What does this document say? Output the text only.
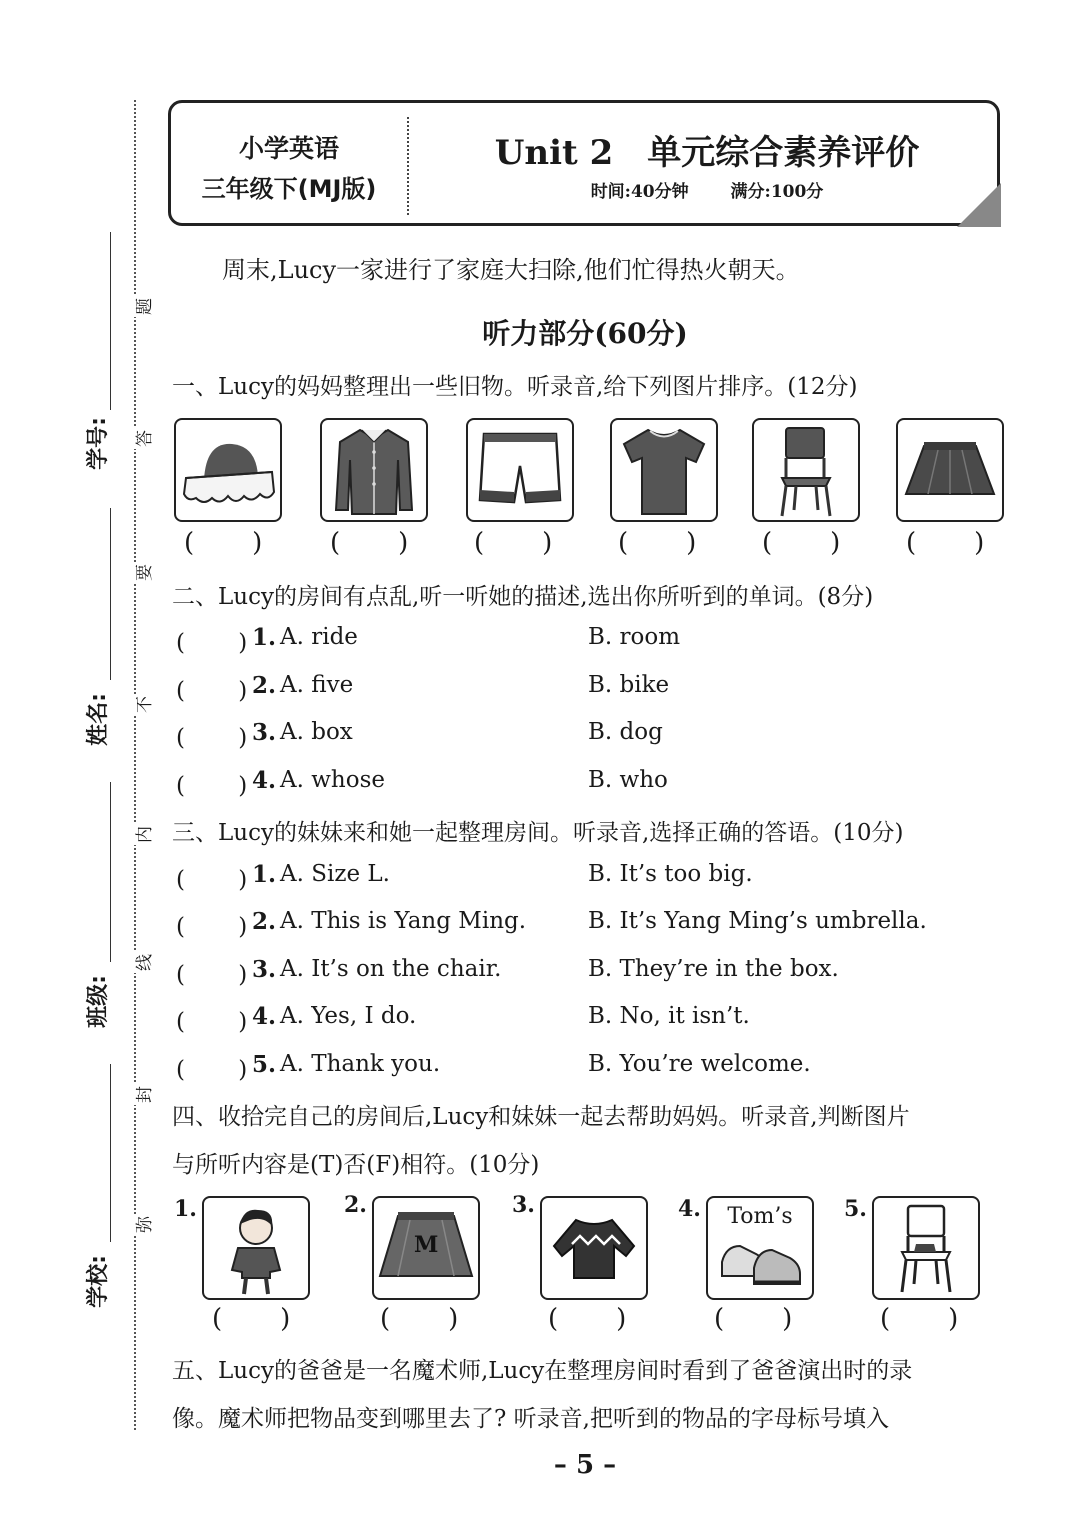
学号:
姓名:
班级:
学校:
题
答
要
不
内
线
封
弥
小学英语
三年级下(MJ版)
Unit 2　单元综合素养评价
时间:40分钟 满分:100分
周末,Lucy一家进行了家庭大扫除,他们忙得热火朝天。
听力部分(60分)
一、Lucy的妈妈整理出一些旧物。听录音,给下列图片排序。(12分)
(　　)	(　　) (　　) (　　) (　　) (　　)
二、Lucy的房间有点乱,听一听她的描述,选出你所听到的单词。(8分)
(　　 ) 1. A. ride	B. room
(　　 ) 2. A. five	B. bike
(　　 ) 3. A. box	B. dog
(　　 ) 4. A. whose	B. who
三、Lucy的妹妹来和她一起整理房间。听录音,选择正确的答语。(10分)
(　　 ) 1. A. Size L.	B. It’s too big.
(　　 ) 2. A. This is Yang Ming.	B. It’s Yang Ming’s umbrella.
(　　 ) 3. A. It’s on the chair.	B. They’re in the box.
(　　 ) 4. A. Yes, I do.	B. No, it isn’t.
(　　 ) 5. A. Thank you.	B. You’re welcome.
四、收拾完自己的房间后,Lucy和妹妹一起去帮助妈妈。听录音,判断图片
与所听内容是(T)否(F)相符。(10分)
1.	2.
M
3.	4.	Tom’s	5.
(　　)	(　　)	(　　)	(　　)	(　　)
五、Lucy的爸爸是一名魔术师,Lucy在整理房间时看到了爸爸演出时的录
像。魔术师把物品变到哪里去了? 听录音,把听到的物品的字母标号填入
– 5 –
